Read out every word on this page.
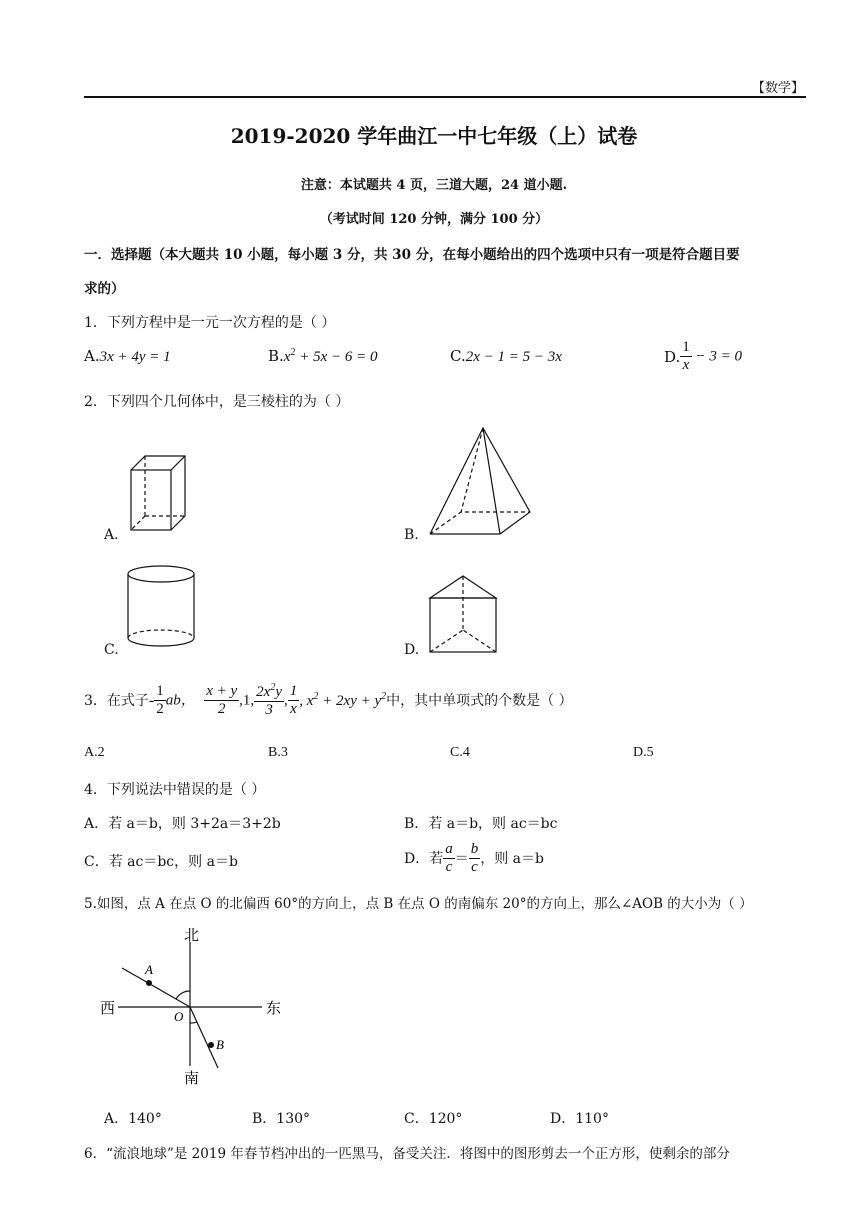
【数学】
2019-2020 学年曲江一中七年级（上）试卷
注意：本试题共 4 页，三道大题，24 道小题.
（考试时间 120 分钟，满分 100 分）
一．选择题（本大题共 10 小题，每小题 3 分，共 30 分，在每小题给出的四个选项中只有一项是符合题目要
求的）
1．下列方程中是一元一次方程的是（ ）
A.3x + 4y = 1	$B.x^2 + 5x - 6 = 0$	C.2x − 1 = 5 − 3x	D. $\frac{1}{x} - 3 = 0$
2．下列四个几何体中，是三棱柱的为（ ）
A.	B.
C.	D.
3．在式子- $\frac{1}{2}$ ab， $\frac{x + y}{2} ,1$, $\frac{2x^2y}{3}$ , $\frac{1}{x}$ , $x^2 + 2xy + y^2$中，其中单项式的个数是（ ）
A.2	B.3	C.4	D.5
4．下列说法中错误的是（ ）
A．若 a＝b，则 3+2a＝3+2b	B．若 a＝b，则 ac＝bc
C．若 ac＝bc，则 a＝b	D．若 $\frac{a}{c} = \frac{b}{c}$ ，则 a＝b
5.如图，点 A 在点 O 的北偏西 60°的方向上，点 B 在点 O 的南偏东 20°的方向上，那么∠AOB 的大小为（ ）
北
南
西	东
O
A
B
A．140°	B．130°	C．120°	D．110°
6．“流浪地球”是 2019 年春节档冲出的一匹黑马，备受关注．将图中的图形剪去一个正方形，使剩余的部分
